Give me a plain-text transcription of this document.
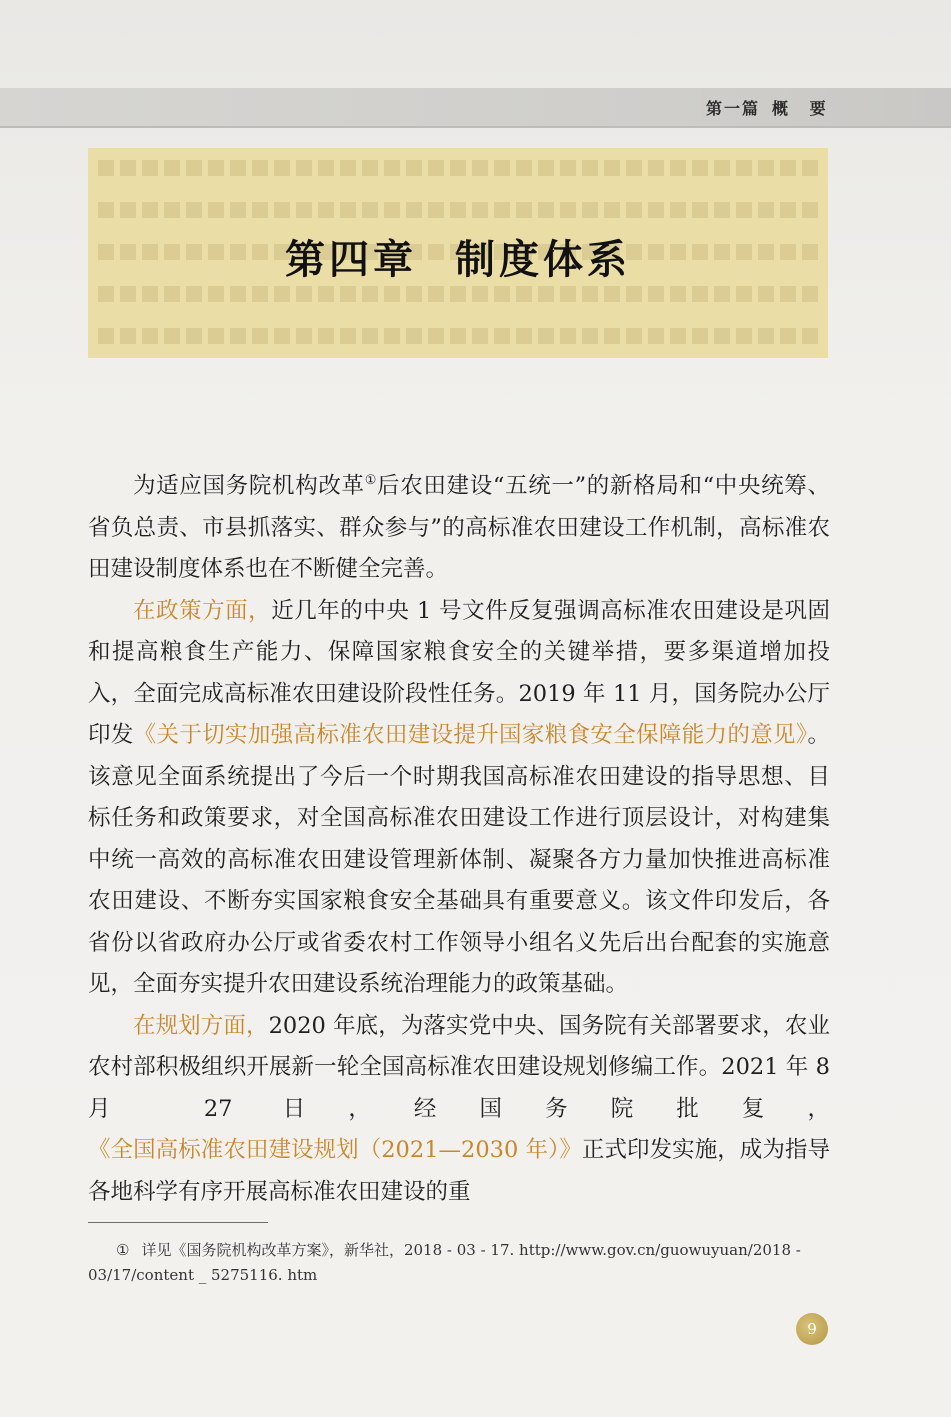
第一篇 概 要
第四章 制度体系

为适应国务院机构改革①后农田建设“五统一”的新格局和“中央统筹、省负总责、市县抓落实、群众参与”的高标准农田建设工作机制，高标准农田建设制度体系也在不断健全完善。

在政策方面，近几年的中央 1 号文件反复强调高标准农田建设是巩固和提高粮食生产能力、保障国家粮食安全的关键举措，要多渠道增加投入，全面完成高标准农田建设阶段性任务。2019 年 11 月，国务院办公厅印发《关于切实加强高标准农田建设提升国家粮食安全保障能力的意见》。该意见全面系统提出了今后一个时期我国高标准农田建设的指导思想、目标任务和政策要求，对全国高标准农田建设工作进行顶层设计，对构建集中统一高效的高标准农田建设管理新体制、凝聚各方力量加快推进高标准农田建设、不断夯实国家粮食安全基础具有重要意义。该文件印发后，各省份以省政府办公厅或省委农村工作领导小组名义先后出台配套的实施意见，全面夯实提升农田建设系统治理能力的政策基础。

在规划方面，2020 年底，为落实党中央、国务院有关部署要求，农业农村部积极组织开展新一轮全国高标准农田建设规划修编工作。2021 年 8 月 27 日，经国务院批复，《全国高标准农田建设规划（2021—2030 年）》正式印发实施，成为指导各地科学有序开展高标准农田建设的重

① 详见《国务院机构改革方案》，新华社，2018 - 03 - 17. http://www.gov.cn/guowuyuan/2018 - 03/17/content _ 5275116. htm
9
